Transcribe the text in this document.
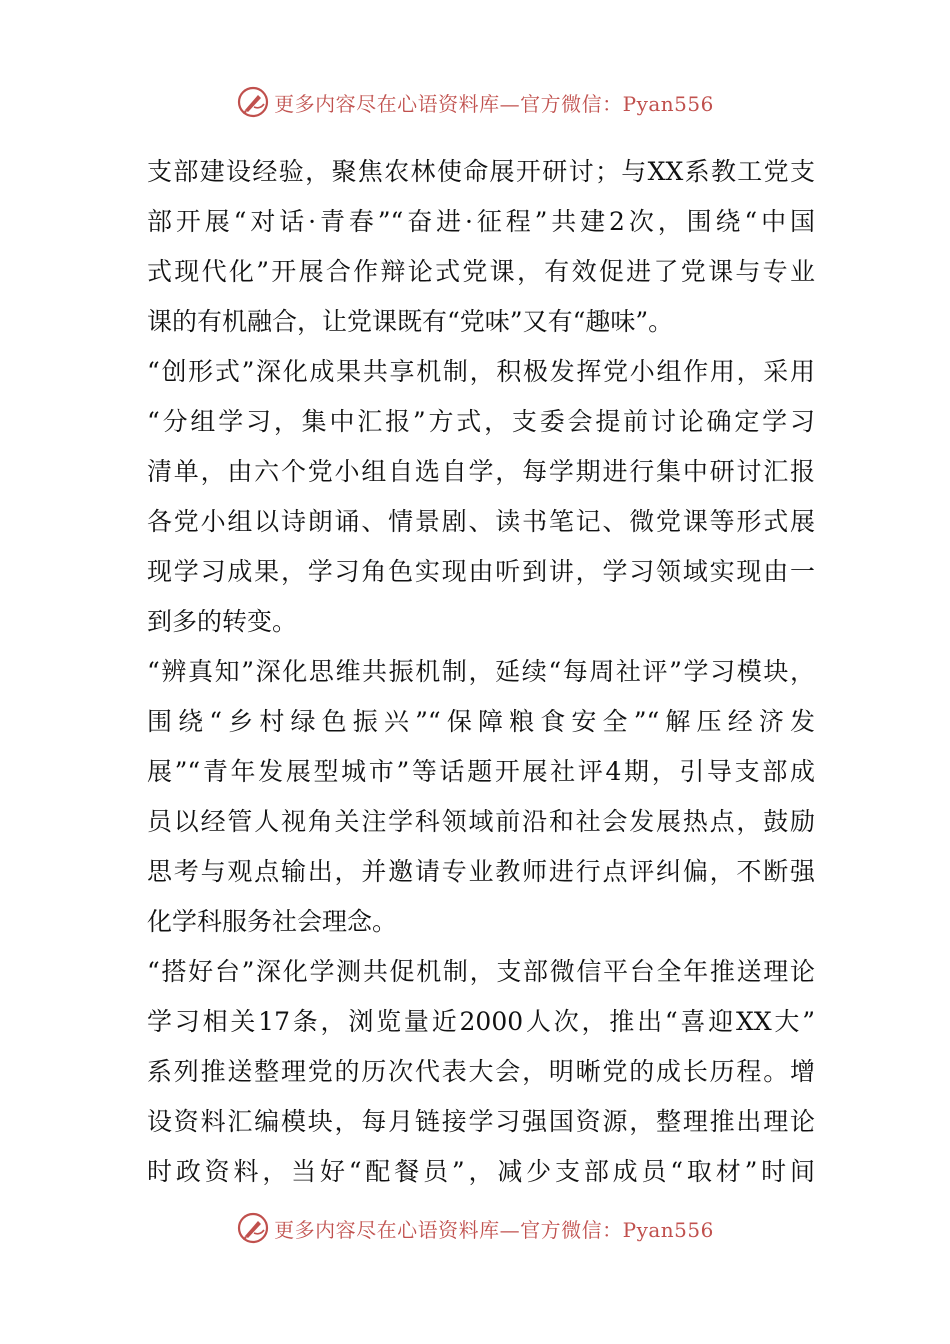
更多内容尽在心语资料库—官方微信：Pyan556
支部建设经验，聚焦农林使命展开研讨；与XX系教工党支
部开展“对话·青春”“奋进·征程”共建2次，围绕“中国
式现代化”开展合作辩论式党课，有效促进了党课与专业
课的有机融合，让党课既有“党味”又有“趣味”。
“创形式”深化成果共享机制，积极发挥党小组作用，采用
“分组学习，集中汇报”方式，支委会提前讨论确定学习
清单，由六个党小组自选自学，每学期进行集中研讨汇报
各党小组以诗朗诵、情景剧、读书笔记、微党课等形式展
现学习成果，学习角色实现由听到讲，学习领域实现由一
到多的转变。
“辨真知”深化思维共振机制，延续“每周社评”学习模块，
围绕“乡村绿色振兴”“保障粮食安全”“解压经济发
展”“青年发展型城市”等话题开展社评4期，引导支部成
员以经管人视角关注学科领域前沿和社会发展热点，鼓励
思考与观点输出，并邀请专业教师进行点评纠偏，不断强
化学科服务社会理念。
“搭好台”深化学测共促机制，支部微信平台全年推送理论
学习相关17条，浏览量近2000人次，推出“喜迎XX大”
系列推送整理党的历次代表大会，明晰党的成长历程。增
设资料汇编模块，每月链接学习强国资源，整理推出理论
时政资料，当好“配餐员”，减少支部成员“取材”时间
更多内容尽在心语资料库—官方微信：Pyan556
